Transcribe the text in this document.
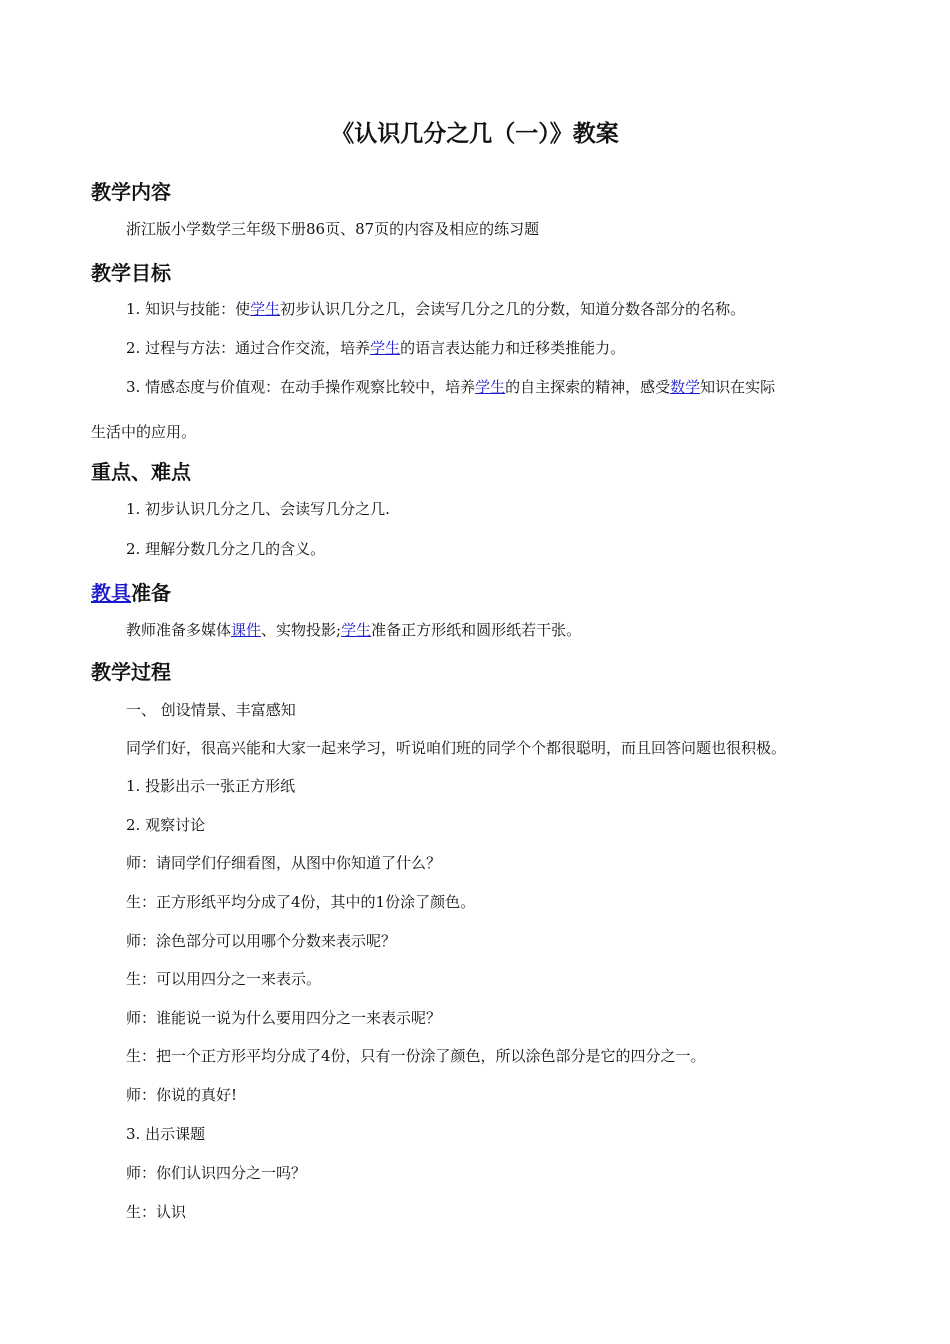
《认识几分之几（一）》教案
教学内容
浙江版小学数学三年级下册86页、87页的内容及相应的练习题
教学目标
1. 知识与技能：使学生初步认识几分之几，会读写几分之几的分数，知道分数各部分的名称。
2. 过程与方法：通过合作交流，培养学生的语言表达能力和迁移类推能力。
3. 情感态度与价值观：在动手操作观察比较中，培养学生的自主探索的精神，感受数学知识在实际
生活中的应用。
重点、难点
1. 初步认识几分之几、会读写几分之几.
2. 理解分数几分之几的含义。
教具准备
教师准备多媒体课件、实物投影;学生准备正方形纸和圆形纸若干张。
教学过程
一、 创设情景、丰富感知
同学们好，很高兴能和大家一起来学习，听说咱们班的同学个个都很聪明，而且回答问题也很积极。
1. 投影出示一张正方形纸
2. 观察讨论
师：请同学们仔细看图，从图中你知道了什么？
生：正方形纸平均分成了4份，其中的1份涂了颜色。
师：涂色部分可以用哪个分数来表示呢？
生：可以用四分之一来表示。
师：谁能说一说为什么要用四分之一来表示呢？
生：把一个正方形平均分成了4份，只有一份涂了颜色，所以涂色部分是它的四分之一。
师：你说的真好!
3. 出示课题
师：你们认识四分之一吗？
生：认识
